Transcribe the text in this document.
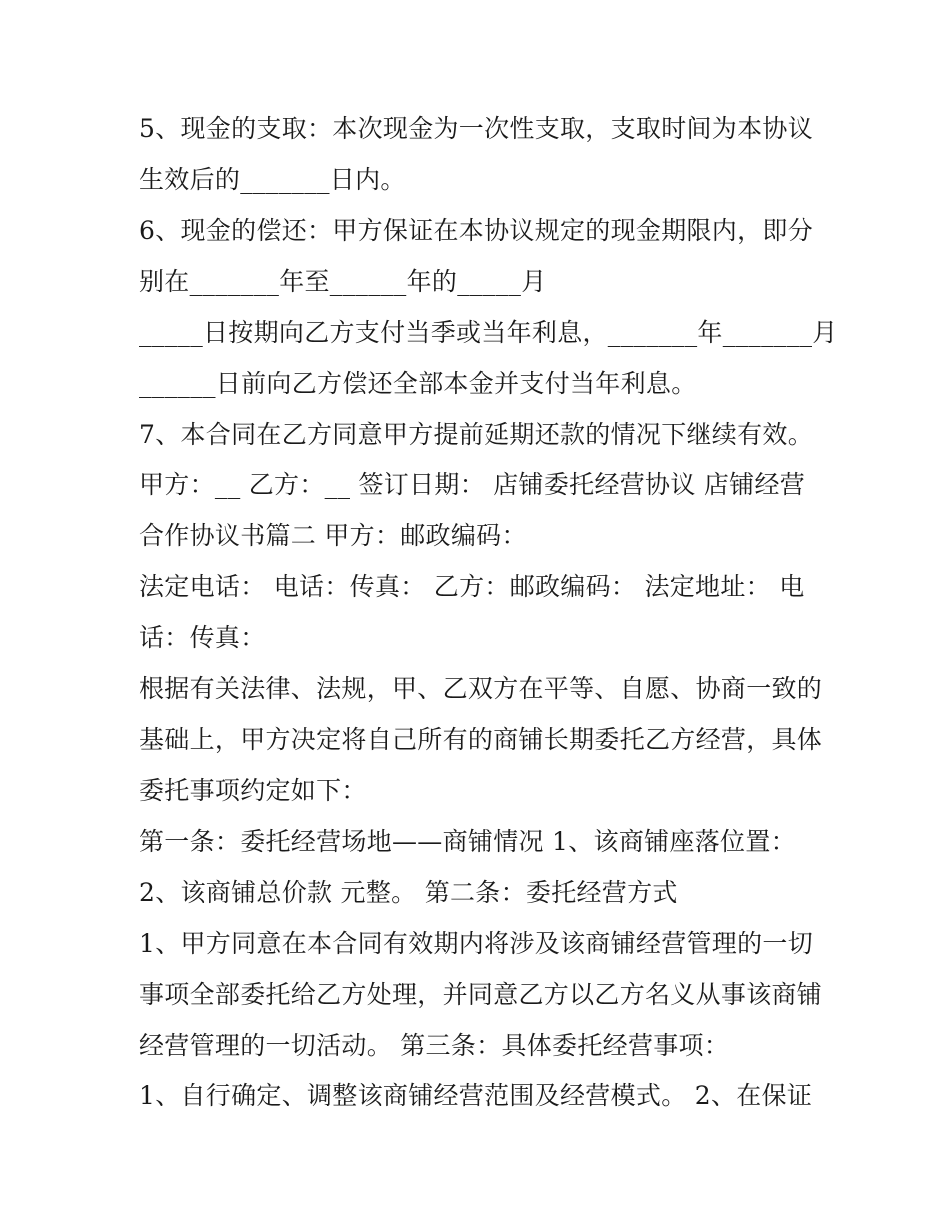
5、现金的支取：本次现金为一次性支取，支取时间为本协议
生效后的_______日内。
6、现金的偿还：甲方保证在本协议规定的现金期限内，即分
别在_______年至______年的_____月
_____日按期向乙方支付当季或当年利息，_______年_______月
______日前向乙方偿还全部本金并支付当年利息。
7、本合同在乙方同意甲方提前延期还款的情况下继续有效。
甲方：__ 乙方：__ 签订日期： 店铺委托经营协议 店铺经营
合作协议书篇二 甲方：邮政编码：
法定电话： 电话：传真： 乙方：邮政编码： 法定地址： 电
话：传真：
根据有关法律、法规，甲、乙双方在平等、自愿、协商一致的
基础上，甲方决定将自己所有的商铺长期委托乙方经营，具体
委托事项约定如下：
第一条：委托经营场地——商铺情况 1、该商铺座落位置：
2、该商铺总价款 元整。 第二条：委托经营方式
1、甲方同意在本合同有效期内将涉及该商铺经营管理的一切
事项全部委托给乙方处理，并同意乙方以乙方名义从事该商铺
经营管理的一切活动。 第三条：具体委托经营事项：
1、自行确定、调整该商铺经营范围及经营模式。 2、在保证
